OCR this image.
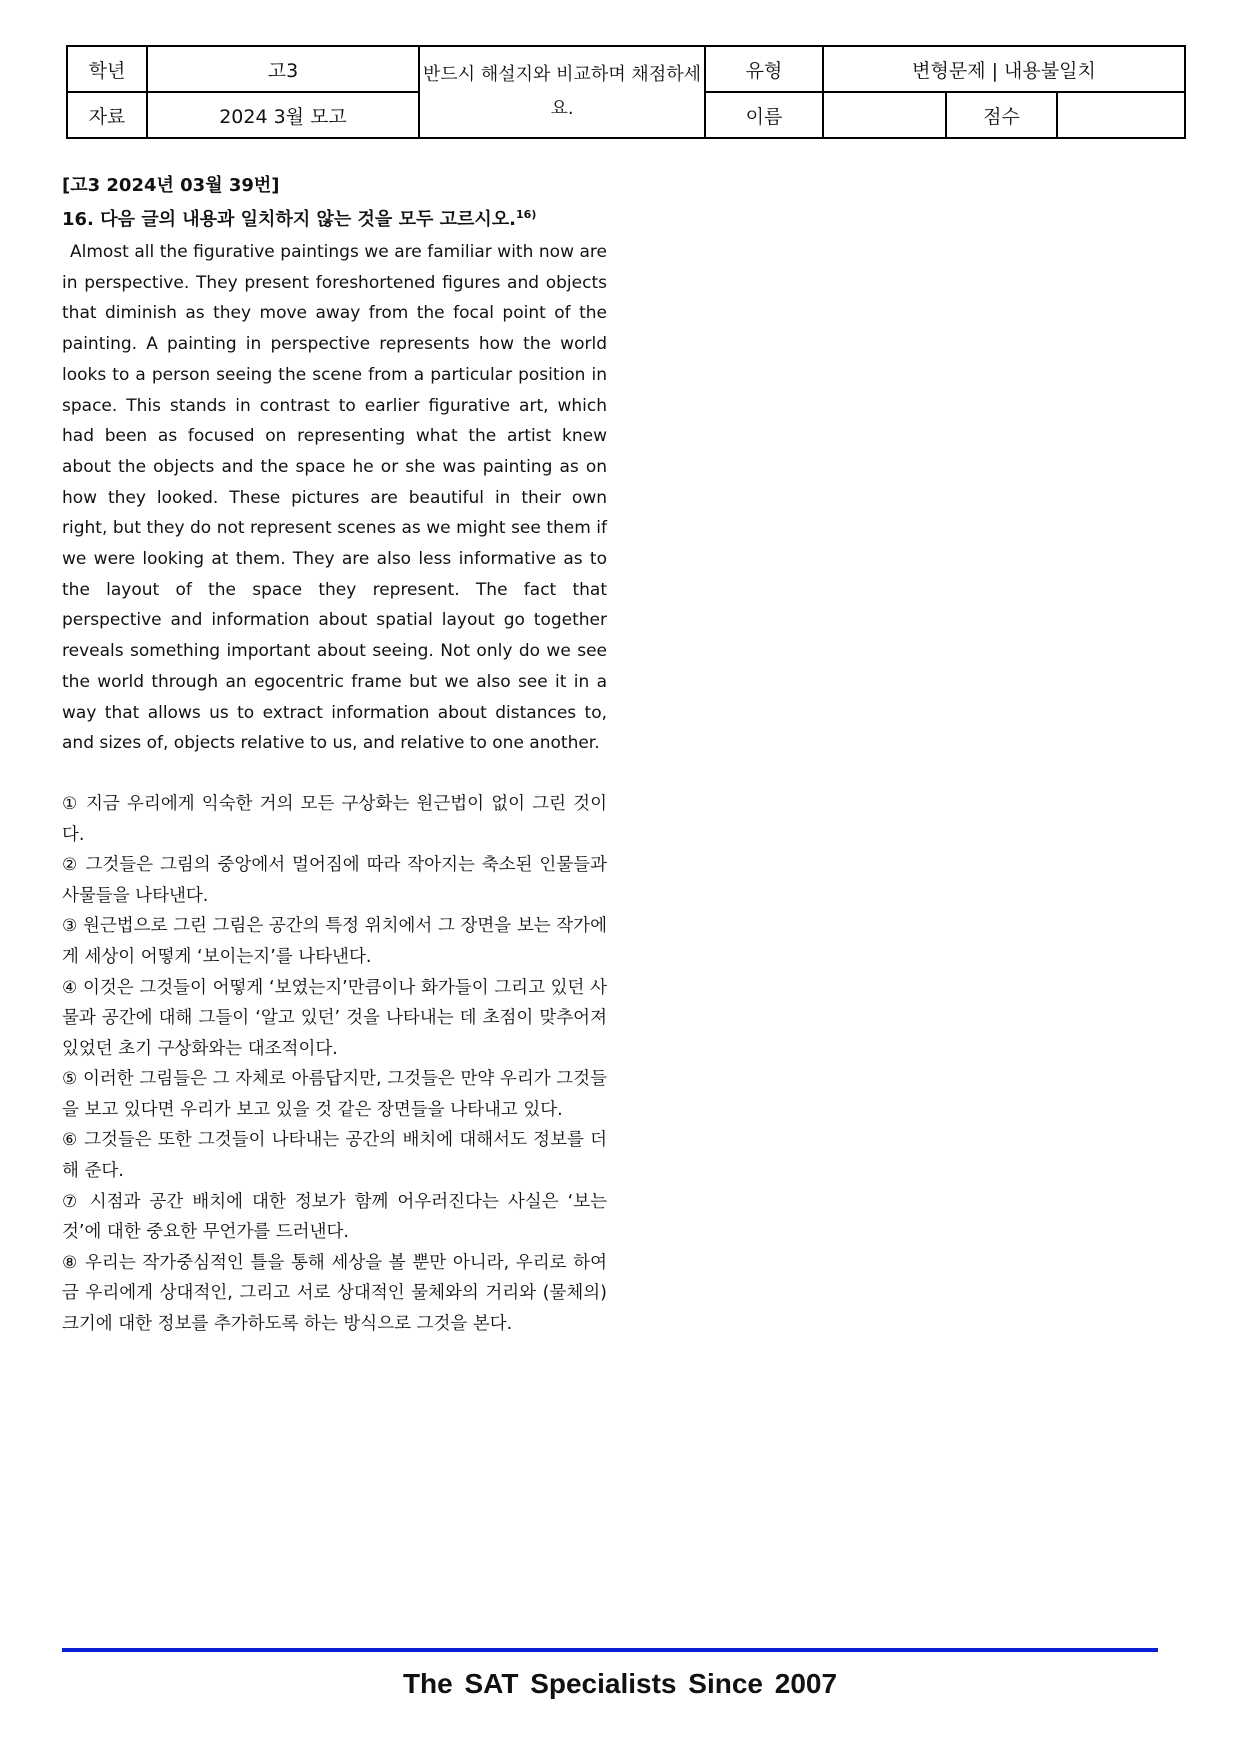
학년	고3	반드시 해설지와 비교하며 채점하세요.	유형	변형문제 | 내용불일치		
자료	2024 3월 모고		이름		점수	
[고3 2024년 03월 39번]
16. 다음 글의 내용과 일치하지 않는 것을 모두 고르시오.$^{16)}$
Almost all the figurative paintings we are familiar with now are in perspective. They present foreshortened figures and objects that diminish as they move away from the focal point of the painting. A painting in perspective represents how the world looks to a person seeing the scene from a particular position in space. This stands in contrast to earlier figurative art, which had been as focused on representing what the artist knew about the objects and the space he or she was painting as on how they looked. These pictures are beautiful in their own right, but they do not represent scenes as we might see them if we were looking at them. They are also less informative as to the layout of the space they represent. The fact that perspective and information about spatial layout go together reveals something important about seeing. Not only do we see the world through an egocentric frame but we also see it in a way that allows us to extract information about distances to, and sizes of, objects relative to us, and relative to one another.
① 지금 우리에게 익숙한 거의 모든 구상화는 원근법이 없이 그린 것이다.
② 그것들은 그림의 중앙에서 멀어짐에 따라 작아지는 축소된 인물들과 사물들을 나타낸다.
③ 원근법으로 그린 그림은 공간의 특정 위치에서 그 장면을 보는 작가에게 세상이 어떻게 ‘보이는지’를 나타낸다.
④ 이것은 그것들이 어떻게 ‘보였는지’만큼이나 화가들이 그리고 있던 사물과 공간에 대해 그들이 ‘알고 있던’ 것을 나타내는 데 초점이 맞추어져 있었던 초기 구상화와는 대조적이다.
⑤ 이러한 그림들은 그 자체로 아름답지만, 그것들은 만약 우리가 그것들을 보고 있다면 우리가 보고 있을 것 같은 장면들을 나타내고 있다.
⑥ 그것들은 또한 그것들이 나타내는 공간의 배치에 대해서도 정보를 더해 준다.
⑦ 시점과 공간 배치에 대한 정보가 함께 어우러진다는 사실은 ‘보는 것’에 대한 중요한 무언가를 드러낸다.
⑧ 우리는 작가중심적인 틀을 통해 세상을 볼 뿐만 아니라, 우리로 하여금 우리에게 상대적인, 그리고 서로 상대적인 물체와의 거리와 (물체의) 크기에 대한 정보를 추가하도록 하는 방식으로 그것을 본다.
The SAT Specialists Since 2007
